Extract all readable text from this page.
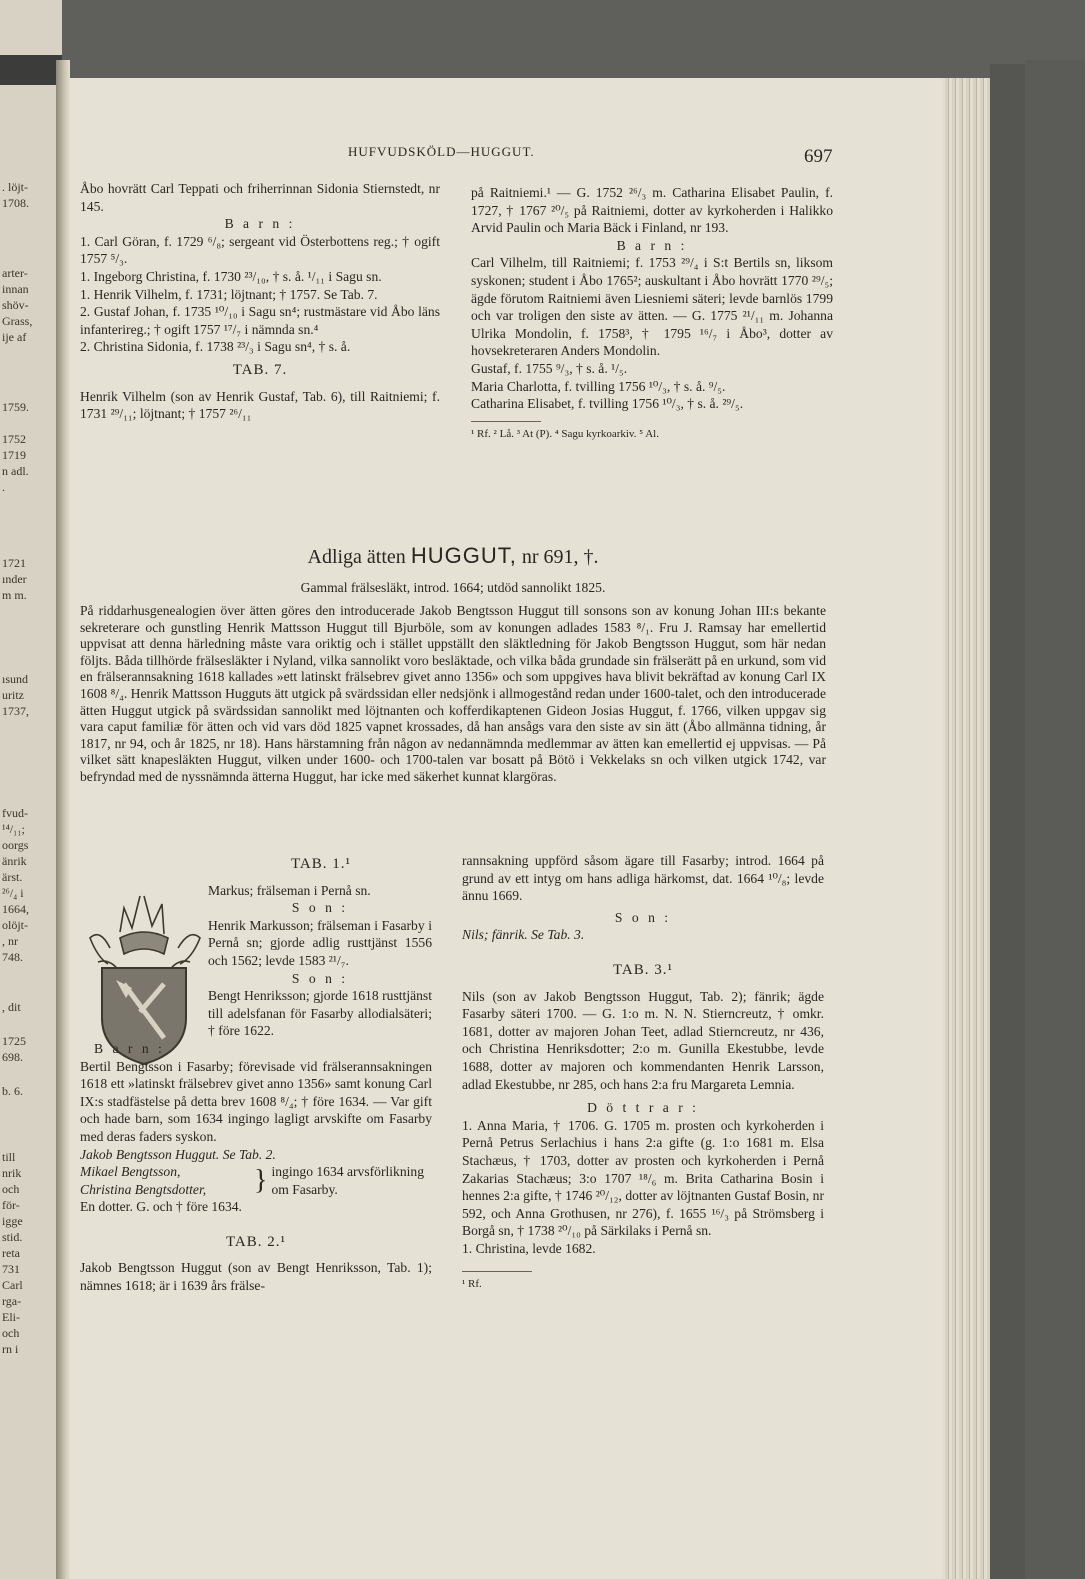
. löjt-
1708.
arter-
innan
shöv-
Grass,
ije af
1759.
1752
1719
n adl.
.
1721
ınder
m m.
ısund
uritz
1737,
fvud-
¹⁴/₁₁;
oorgs
änrik
ärst.
²⁶/₄ i
1664,
olöjt-
, nr
748.
, dit
1725
698.
b. 6.
till
nrik
och
för-
igge
stid.
reta
731
Carl
rga-
Eli-
och
rn i
HUFVUDSKÖLD—HUGGUT.	697

Åbo hovrätt Carl Teppati och friherrinnan Sidonia Stiernstedt, nr 145.

B a r n :

1. Carl Göran, f. 1729 ⁶/₈; sergeant vid Österbottens reg.; † ogift 1757 ⁵/₃.

1. Ingeborg Christina, f. 1730 ²³/₁₀, † s. å. ¹/₁₁ i Sagu sn.

1. Henrik Vilhelm, f. 1731; löjtnant; † 1757. Se Tab. 7.

2. Gustaf Johan, f. 1735 ¹⁰/₁₀ i Sagu sn⁴; rustmästare vid Åbo läns infanterireg.; † ogift 1757 ¹⁷/₇ i nämnda sn.⁴

2. Christina Sidonia, f. 1738 ²³/₃ i Sagu sn⁴, † s. å.

TAB. 7.

Henrik Vilhelm (son av Henrik Gustaf, Tab. 6), till Raitniemi; f. 1731 ²⁹/₁₁; löjtnant; † 1757 ²⁶/₁₁

på Raitniemi.¹ — G. 1752 ²⁶/₃ m. Catharina Elisabet Paulin, f. 1727, † 1767 ²⁰/₅ på Raitniemi, dotter av kyrkoherden i Halikko Arvid Paulin och Maria Bäck i Finland, nr 193.

B a r n :

Carl Vilhelm, till Raitniemi; f. 1753 ²⁹/₄ i S:t Bertils sn, liksom syskonen; student i Åbo 1765²; auskultant i Åbo hovrätt 1770 ²⁹/₅; ägde förutom Raitniemi även Liesniemi säteri; levde barnlös 1799 och var troligen den siste av ätten. — G. 1775 ²¹/₁₁ m. Johanna Ulrika Mondolin, f. 1758³, † 1795 ¹⁶/₇ i Åbo³, dotter av hovsekreteraren Anders Mondolin.

Gustaf, f. 1755 ⁹/₃, † s. å. ¹/₅.

Maria Charlotta, f. tvilling 1756 ¹⁰/₃, † s. å. ⁹/₅.

Catharina Elisabet, f. tvilling 1756 ¹⁰/₃, † s. å. ²⁹/₅.

¹ Rf. ² Lå. ³ At (P). ⁴ Sagu kyrkoarkiv. ⁵ Al.

Adliga ätten HUGGUT, nr 691, †.
Gammal frälsesläkt, introd. 1664; utdöd sannolikt 1825.

På riddarhusgenealogien över ätten göres den introducerade Jakob Bengtsson Huggut till sonsons son av konung Johan III:s bekante sekreterare och gunstling Henrik Mattsson Huggut till Bjurböle, som av konungen adlades 1583 ⁸/₁. Fru J. Ramsay har emellertid uppvisat att denna härledning måste vara oriktig och i stället uppställt den släktledning för Jakob Bengtsson Huggut, som här nedan följts. Båda tillhörde frälsesläkter i Nyland, vilka sannolikt voro besläktade, och vilka båda grundade sin frälserätt på en urkund, som vid en frälserannsakning 1618 kallades »ett latinskt frälsebrev givet anno 1356» och som uppgives hava blivit bekräftad av konung Carl IX 1608 ⁸/₄. Henrik Mattsson Hugguts ätt utgick på svärdssidan eller nedsjönk i allmogestånd redan under 1600-talet, och den introducerade ätten Huggut utgick på svärdssidan sannolikt med löjtnanten och kofferdikaptenen Gideon Josias Huggut, f. 1766, vilken uppgav sig vara caput familiæ för ätten och vid vars död 1825 vapnet krossades, då han ansågs vara den siste av sin ätt (Åbo allmänna tidning, år 1817, nr 94, och år 1825, nr 18). Hans härstamning från någon av nedannämnda medlemmar av ätten kan emellertid ej uppvisas. — På vilket sätt knapesläkten Huggut, vilken under 1600- och 1700-talen var bosatt på Bötö i Vekkelaks sn och vilken utgick 1742, var befryndad med de nyssnämnda ätterna Huggut, har icke med säkerhet kunnat klargöras.

TAB. 1.¹

Markus; frälseman i Pernå sn.

S o n :

Henrik Markusson; frälseman i Fasarby i Pernå sn; gjorde adlig rusttjänst 1556 och 1562; levde 1583 ²¹/₇.

S o n :

Bengt Henriksson; gjorde 1618 rusttjänst till adelsfanan för Fasarby allodialsäteri; † före 1622.

B a r n :

Bertil Bengtsson i Fasarby; förevisade vid frälserannsakningen 1618 ett »latinskt frälsebrev givet anno 1356» samt konung Carl IX:s stadfästelse på detta brev 1608 ⁸/₄; † före 1634. — Var gift och hade barn, som 1634 ingingo lagligt arvskifte om Fasarby med deras faders syskon.

Jakob Bengtsson Huggut. Se Tab. 2.

Mikael Bengtsson,
Christina Bengtsdotter,	} ingingo 1634 arvsförlikning om Fasarby.

En dotter. G. och † före 1634.

TAB. 2.¹

Jakob Bengtsson Huggut (son av Bengt Henriksson, Tab. 1); nämnes 1618; är i 1639 års frälse-

rannsakning uppförd såsom ägare till Fasarby; introd. 1664 på grund av ett intyg om hans adliga härkomst, dat. 1664 ¹⁰/₈; levde ännu 1669.

S o n :

Nils; fänrik. Se Tab. 3.

TAB. 3.¹

Nils (son av Jakob Bengtsson Huggut, Tab. 2); fänrik; ägde Fasarby säteri 1700. — G. 1:o m. N. N. Stierncreutz, † omkr. 1681, dotter av majoren Johan Teet, adlad Stierncreutz, nr 436, och Christina Henriksdotter; 2:o m. Gunilla Ekestubbe, levde 1688, dotter av majoren och kommendanten Henrik Larsson, adlad Ekestubbe, nr 285, och hans 2:a fru Margareta Lemnia.

D ö t t r a r :

1. Anna Maria, † 1706. G. 1705 m. prosten och kyrkoherden i Pernå Petrus Serlachius i hans 2:a gifte (g. 1:o 1681 m. Elsa Stachæus, † 1703, dotter av prosten och kyrkoherden i Pernå Zakarias Stachæus; 3:o 1707 ¹⁸/₆ m. Brita Catharina Bosin i hennes 2:a gifte, † 1746 ²⁰/₁₂, dotter av löjtnanten Gustaf Bosin, nr 592, och Anna Grothusen, nr 276), f. 1655 ¹⁶/₃ på Strömsberg i Borgå sn, † 1738 ²⁰/₁₀ på Särkilaks i Pernå sn.

1. Christina, levde 1682.

¹ Rf.
